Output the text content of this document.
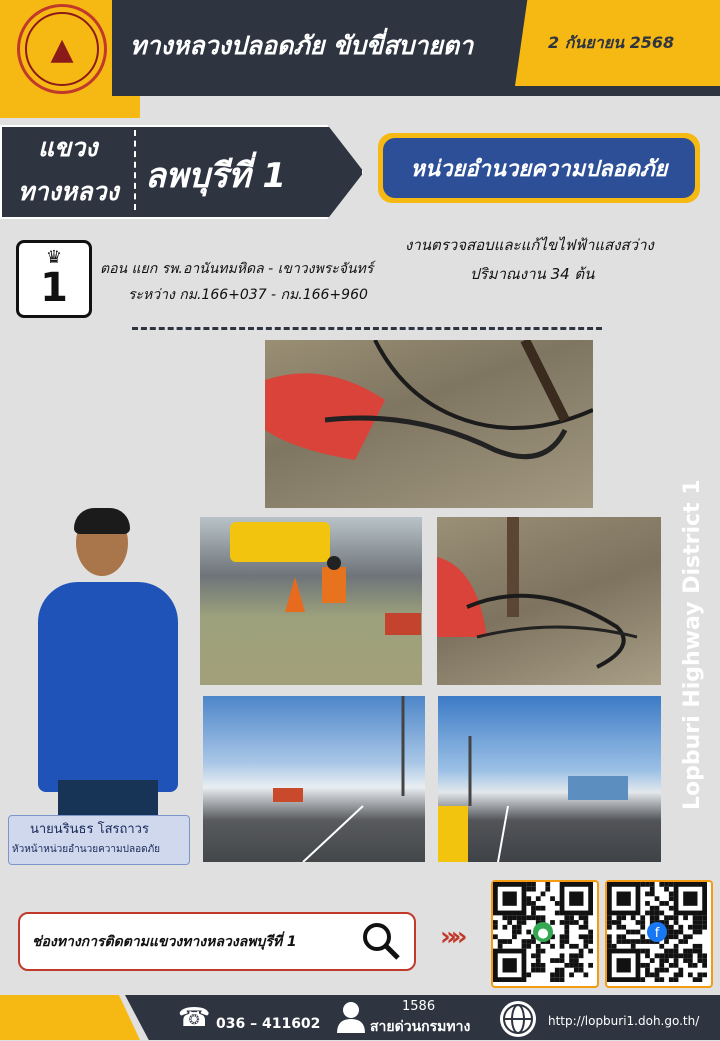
▲	ทางหลวงปลอดภัย ขับขี่สบายตา	2 กันยายน 2568
แขวง
ทางหลวง ลพบุรีที่ 1	หน่วยอำนวยความปลอดภัย
♛
1 ตอน แยก รพ.อานันทมหิดล - เขาวงพระจันทร์
ระหว่าง กม.166+037 - กม.166+960
งานตรวจสอบและแก้ไขไฟฟ้าแสงสว่าง
ปริมาณงาน 34 ต้น
นายนรินธร โสรถาวร
หัวหน้าหน่วยอำนวยความปลอดภัย
Lopburi Highway District 1
ช่องทางการติดตามแขวงทางหลวงลพบุรีที่ 1	»»	●	f
☎ 036 – 411602
1586
สายด่วนกรมทาง	http://lopburi1.doh.go.th/
